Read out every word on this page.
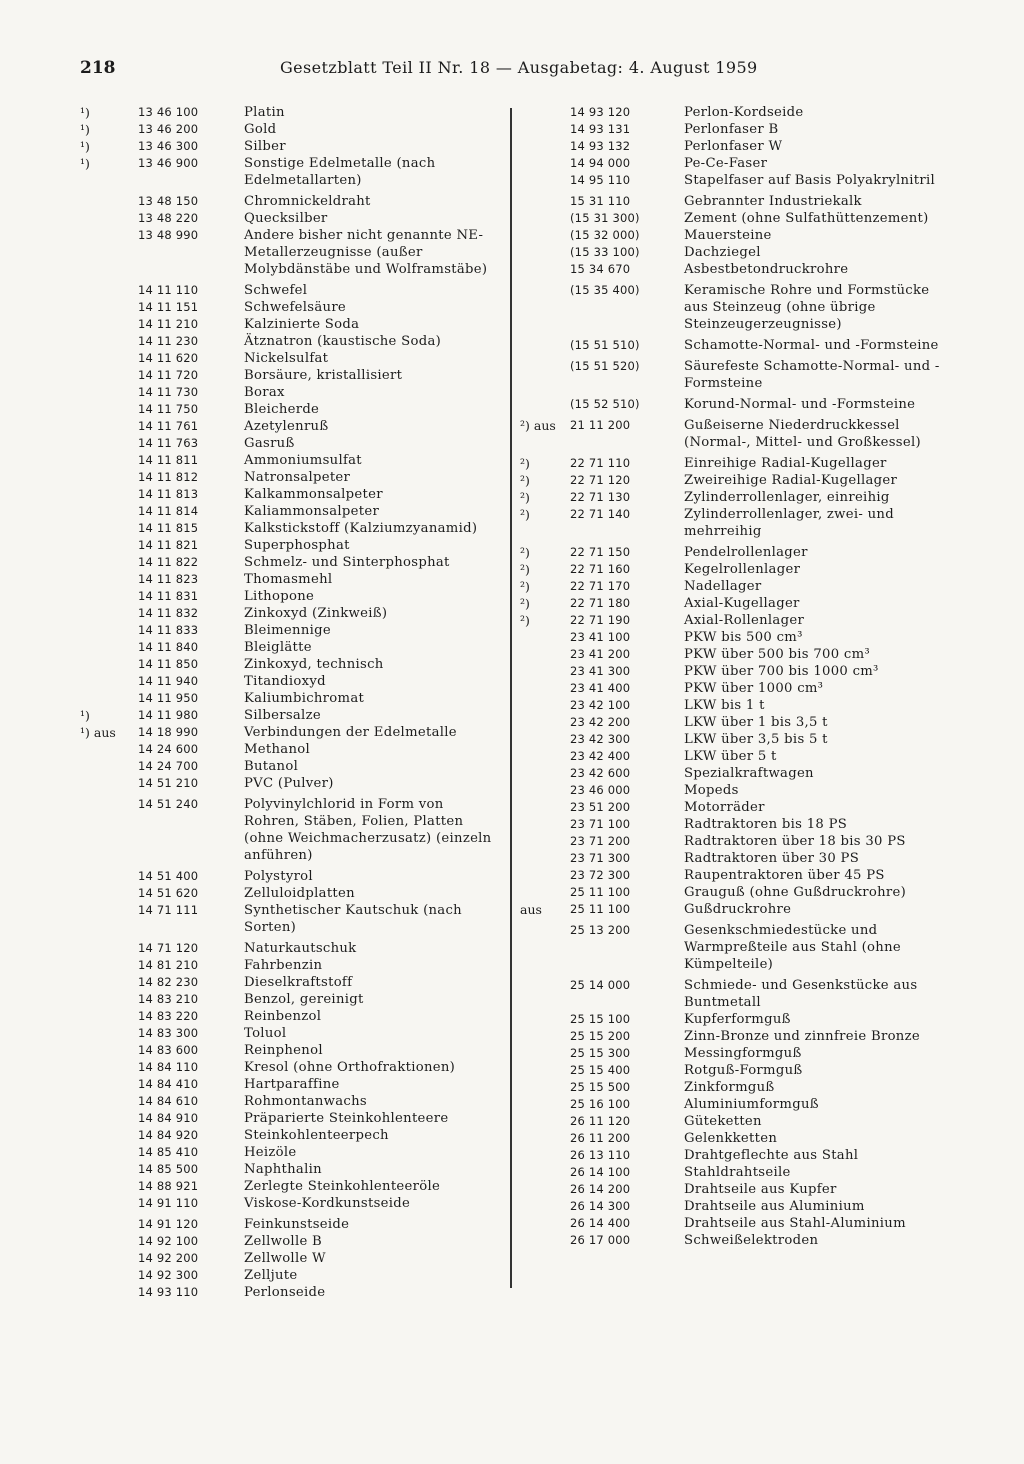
218	Gesetzblatt Teil II Nr. 18 — Ausgabetag: 4. August 1959
¹)	13 46 100	Platin
¹)	13 46 200	Gold
¹)	13 46 300	Silber
¹)	13 46 900	Sonstige Edelmetalle (nach Edelmetallarten)
13 48 150	Chromnickeldraht
13 48 220	Quecksilber
13 48 990	Andere bisher nicht genannte NE-Metallerzeugnisse (außer Molybdänstäbe und Wolframstäbe)
14 11 110	Schwefel
14 11 151	Schwefelsäure
14 11 210	Kalzinierte Soda
14 11 230	Ätznatron (kaustische Soda)
14 11 620	Nickelsulfat
14 11 720	Borsäure, kristallisiert
14 11 730	Borax
14 11 750	Bleicherde
14 11 761	Azetylenruß
14 11 763	Gasruß
14 11 811	Ammoniumsulfat
14 11 812	Natronsalpeter
14 11 813	Kalkammonsalpeter
14 11 814	Kaliammonsalpeter
14 11 815	Kalkstickstoff (Kalziumzyanamid)
14 11 821	Superphosphat
14 11 822	Schmelz- und Sinterphosphat
14 11 823	Thomasmehl
14 11 831	Lithopone
14 11 832	Zinkoxyd (Zinkweiß)
14 11 833	Bleimennige
14 11 840	Bleiglätte
14 11 850	Zinkoxyd, technisch
14 11 940	Titandioxyd
14 11 950	Kaliumbichromat
¹)	14 11 980	Silbersalze
¹) aus 14 18 990	Verbindungen der Edelmetalle
14 24 600	Methanol
14 24 700	Butanol
14 51 210	PVC (Pulver)
14 51 240	Polyvinylchlorid in Form von Rohren, Stäben, Folien, Platten (ohne Weichmacherzusatz) (einzeln anführen)
14 51 400	Polystyrol
14 51 620	Zelluloidplatten
14 71 111	Synthetischer Kautschuk (nach Sorten)
14 71 120	Naturkautschuk
14 81 210	Fahrbenzin
14 82 230	Dieselkraftstoff
14 83 210	Benzol, gereinigt
14 83 220	Reinbenzol
14 83 300	Toluol
14 83 600	Reinphenol
14 84 110	Kresol (ohne Orthofraktionen)
14 84 410	Hartparaffine
14 84 610	Rohmontanwachs
14 84 910	Präparierte Steinkohlenteere
14 84 920	Steinkohlenteerpech
14 85 410	Heizöle
14 85 500	Naphthalin
14 88 921	Zerlegte Steinkohlenteeröle
14 91 110	Viskose-Kordkunstseide
14 91 120	Feinkunstseide
14 92 100	Zellwolle B
14 92 200	Zellwolle W
14 92 300	Zelljute
14 93 110	Perlonseide
14 93 120	Perlon-Kordseide
14 93 131	Perlonfaser B
14 93 132	Perlonfaser W
14 94 000	Pe-Ce-Faser
14 95 110	Stapelfaser auf Basis Polyakrylnitril
15 31 110	Gebrannter Industriekalk
(15 31 300)	Zement (ohne Sulfathüttenzement)
(15 32 000)	Mauersteine
(15 33 100)	Dachziegel
15 34 670	Asbestbetondruckrohre
(15 35 400)	Keramische Rohre und Formstücke aus Steinzeug (ohne übrige Steinzeugerzeugnisse)
(15 51 510)	Schamotte-Normal- und -Formsteine
(15 51 520)	Säurefeste Schamotte-Normal- und -Formsteine
(15 52 510)	Korund-Normal- und -Formsteine
²) aus 21 11 200	Gußeiserne Niederdruckkessel (Normal-, Mittel- und Großkessel)
²)	22 71 110	Einreihige Radial-Kugellager
²)	22 71 120	Zweireihige Radial-Kugellager
²)	22 71 130	Zylinderrollenlager, einreihig
²)	22 71 140	Zylinderrollenlager, zwei- und mehrreihig
²)	22 71 150	Pendelrollenlager
²)	22 71 160	Kegelrollenlager
²)	22 71 170	Nadellager
²)	22 71 180	Axial-Kugellager
²)	22 71 190	Axial-Rollenlager
23 41 100	PKW bis 500 cm³
23 41 200	PKW über 500 bis 700 cm³
23 41 300	PKW über 700 bis 1000 cm³
23 41 400	PKW über 1000 cm³
23 42 100	LKW bis 1 t
23 42 200	LKW über 1 bis 3,5 t
23 42 300	LKW über 3,5 bis 5 t
23 42 400	LKW über 5 t
23 42 600	Spezialkraftwagen
23 46 000	Mopeds
23 51 200	Motorräder
23 71 100	Radtraktoren bis 18 PS
23 71 200	Radtraktoren über 18 bis 30 PS
23 71 300	Radtraktoren über 30 PS
23 72 300	Raupentraktoren über 45 PS
25 11 100	Grauguß (ohne Gußdruckrohre)
aus 25 11 100	Gußdruckrohre
25 13 200	Gesenkschmiedestücke und Warmpreßteile aus Stahl (ohne Kümpelteile)
25 14 000	Schmiede- und Gesenkstücke aus Buntmetall
25 15 100	Kupferformguß
25 15 200	Zinn-Bronze und zinnfreie Bronze
25 15 300	Messingformguß
25 15 400	Rotguß-Formguß
25 15 500	Zinkformguß
25 16 100	Aluminiumformguß
26 11 120	Güteketten
26 11 200	Gelenkketten
26 13 110	Drahtgeflechte aus Stahl
26 14 100	Stahldrahtseile
26 14 200	Drahtseile aus Kupfer
26 14 300	Drahtseile aus Aluminium
26 14 400	Drahtseile aus Stahl-Aluminium
26 17 000	Schweißelektroden
